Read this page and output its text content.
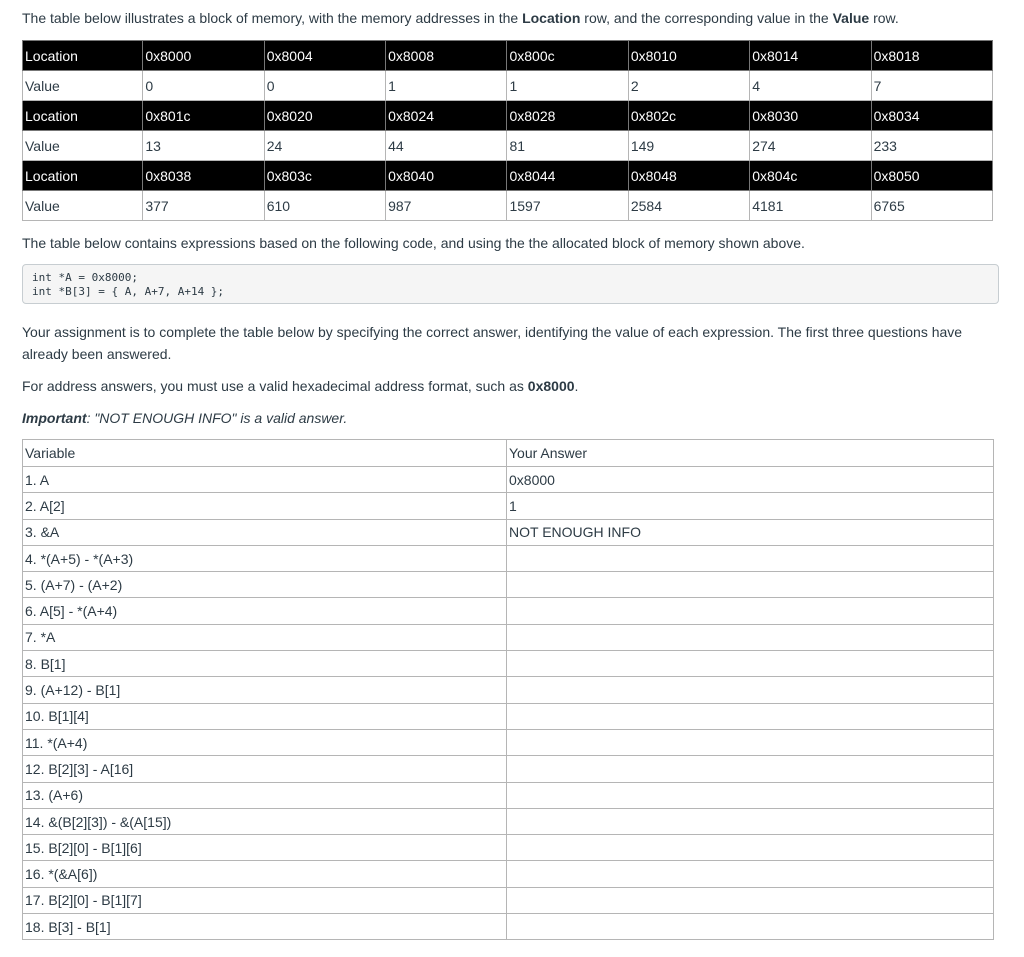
The table below illustrates a block of memory, with the memory addresses in the Location row, and the corresponding value in the Value row.

Location	0x8000	0x8004	0x8008	0x800c	0x8010	0x8014	0x8018
Value	0	0	1	1	2	4	7
Location	0x801c	0x8020	0x8024	0x8028	0x802c	0x8030	0x8034
Value	13	24	44	81	149	274	233
Location	0x8038	0x803c	0x8040	0x8044	0x8048	0x804c	0x8050
Value	377	610	987	1597	2584	4181	6765

The table below contains expressions based on the following code, and using the the allocated block of memory shown above.

int *A = 0x8000;
int *B[3] = { A, A+7, A+14 };

Your assignment is to complete the table below by specifying the correct answer, identifying the value of each expression. The first three questions have already been answered.

For address answers, you must use a valid hexadecimal address format, such as 0x8000.

Important: "NOT ENOUGH INFO" is a valid answer.

Variable	Your Answer
1. A	0x8000
2. A[2]	1
3. &A	NOT ENOUGH INFO
4. *(A+5) - *(A+3)	

5. (A+7) - (A+2)	

6. A[5] - *(A+4)	

7. *A	

8. B[1]	

9. (A+12) - B[1]	

10. B[1][4]	

11. *(A+4)	

12. B[2][3] - A[16]	

13. (A+6)	

14. &(B[2][3]) - &(A[15])	

15. B[2][0] - B[1][6]	

16. *(&A[6])	

17. B[2][0] - B[1][7]	

18. B[3] - B[1]	
